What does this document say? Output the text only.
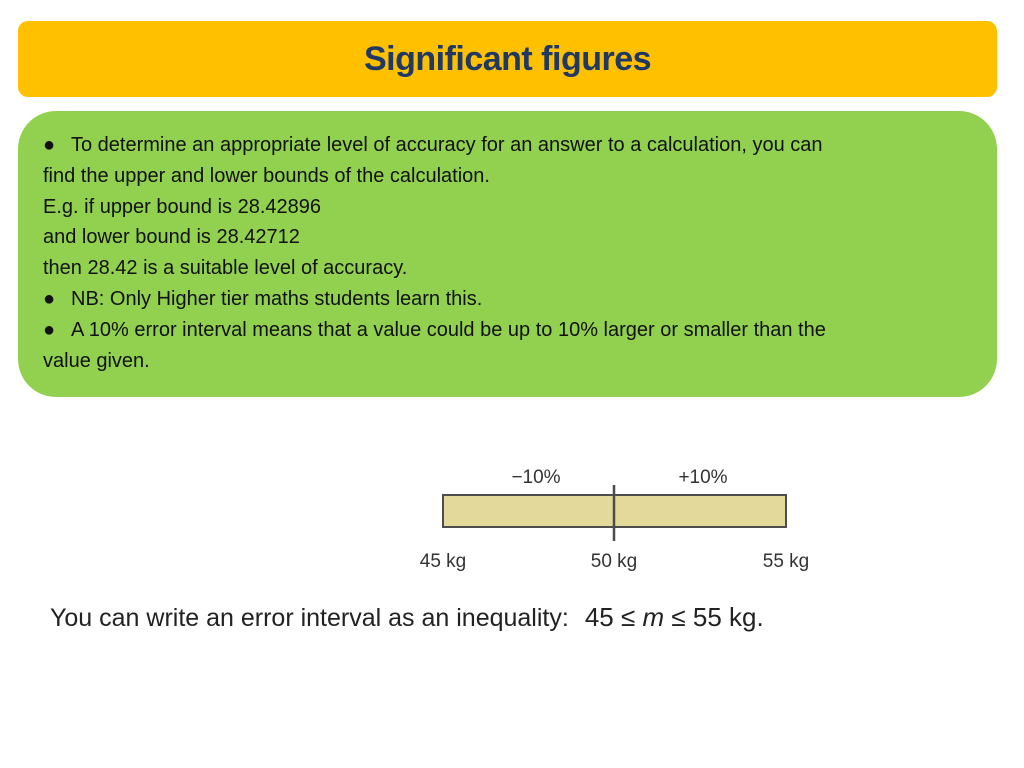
Significant figures
● To determine an appropriate level of accuracy for an answer to a calculation, you can
find the upper and lower bounds of the calculation.
E.g. if upper bound is 28.42896
and lower bound is 28.42712
then 28.42 is a suitable level of accuracy.
● NB: Only Higher tier maths students learn this.
● A 10% error interval means that a value could be up to 10% larger or smaller than the
value given.
−10%	+10%
45 kg	50 kg	55 kg
You can write an error interval as an inequality: 45 ≤ m ≤ 55 kg.
